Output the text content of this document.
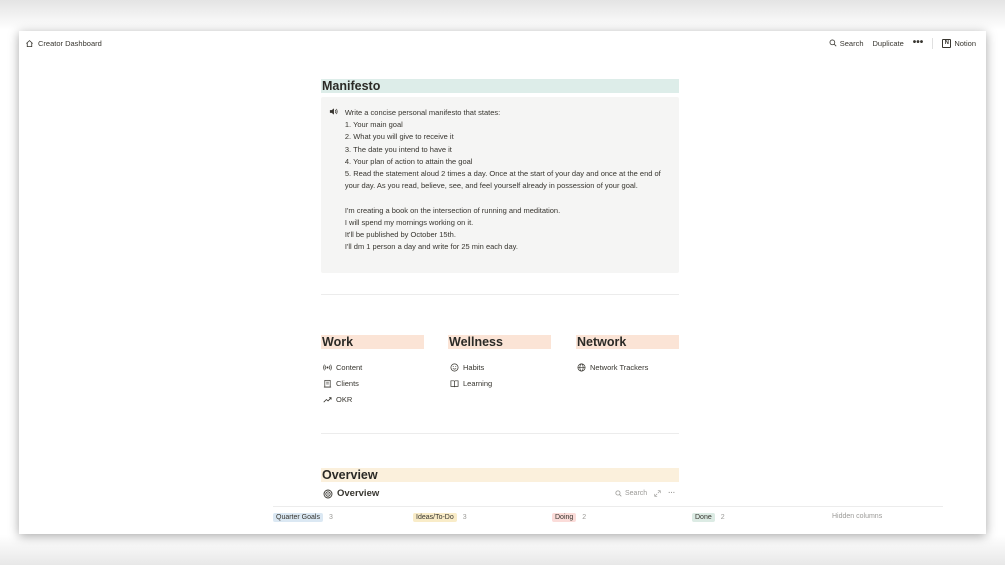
Creator Dashboard	Search Duplicate •••	N Notion
Manifesto

Write a concise personal manifesto that states:

1. Your main goal

2. What you will give to receive it

3. The date you intend to have it

4. Your plan of action to attain the goal

5. Read the statement aloud 2 times a day. Once at the start of your day and once at the end of your day. As you read, believe, see, and feel yourself already in possession of your goal.

I'm creating a book on the intersection of running and meditation.

I will spend my mornings working on it.

It'll be published by October 15th.

I'll dm 1 person a day and write for 25 min each day.

Work	Wellness	Network
Content
Clients
OKR
Habits
Learning
Network Trackers
Overview
Overview	Search	···
Quarter Goals	3	Ideas/To-Do	3	Doing	2	Done	2	Hidden columns
